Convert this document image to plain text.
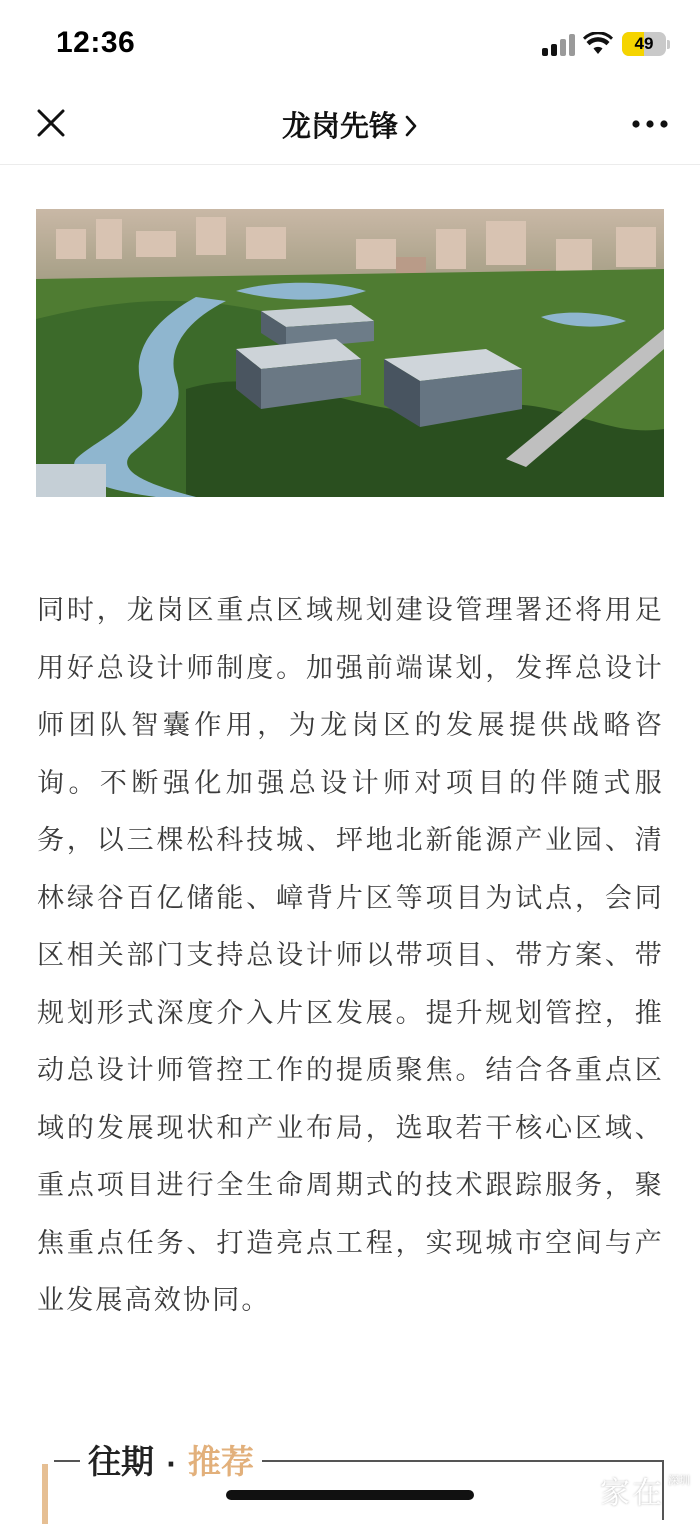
12:36	49
龙岗先锋

同时，龙岗区重点区域规划建设管理署还将用足用好总设计师制度。加强前端谋划，发挥总设计师团队智囊作用，为龙岗区的发展提供战略咨询。不断强化加强总设计师对项目的伴随式服务，以三棵松科技城、坪地北新能源产业园、清林绿谷百亿储能、嶂背片区等项目为试点，会同区相关部门支持总设计师以带项目、带方案、带规划形式深度介入片区发展。提升规划管控，推动总设计师管控工作的提质聚焦。结合各重点区域的发展现状和产业布局，选取若干核心区域、重点项目进行全生命周期式的技术跟踪服务，聚焦重点任务、打造亮点工程，实现城市空间与产业发展高效协同。

往期 · 推荐
家在 深圳
